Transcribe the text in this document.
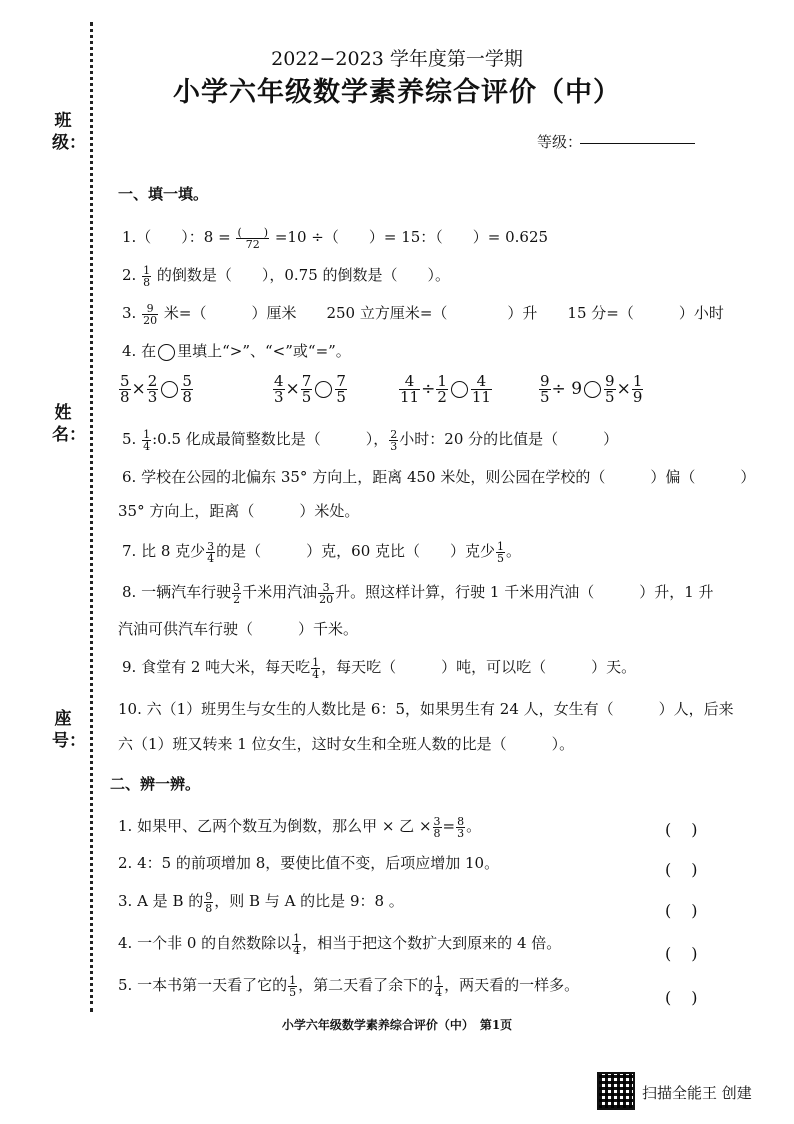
班级：
姓名：
座号：
2022−2023 学年度第一学期
小学六年级数学素养综合评价（中）
等级：
一、填一填。
1.（　　）：$8 = \frac{( )}{72} =10$ ÷（　　）= 15：（　　）= 0.625
2. $\frac{1}{8}$ 的倒数是（　　），0.75 的倒数是（　　）。
3. $\frac{9}{20}$ 米=（　　　）厘米　　250 立方厘米=（　　　　）升　　15 分=（　　　）小时
4. 在 里填上“>”、“<”或“=”。
$\frac{5}{8} \times \frac{2}{3} \frac{5}{8}$	$\frac{4}{3} \times \frac{7}{5} \frac{7}{5}$	$\frac{4}{11} \div \frac{1}{2} \frac{4}{11}$	$\frac{9}{5} \div 9 \frac{9}{5} \times \frac{1}{9}$
5. $\frac{1}{4}$ :0.5 化成最简整数比是（　　　）， $\frac{2}{3}$ 小时：20 分的比值是（　　　）
6. 学校在公园的北偏东 35° 方向上，距离 450 米处，则公园在学校的（　　　）偏（　　　）
35° 方向上，距离（　　　）米处。
7. 比 8 克少 $\frac{3}{4}$ 的是（　　　）克，60 克比（　　）克少 $\frac{1}{5}$ 。
8. 一辆汽车行驶 $\frac{3}{2}$ 千米用汽油 $\frac{3}{20}$ 升。照这样计算，行驶 1 千米用汽油（　　　）升，1 升
汽油可供汽车行驶（　　　）千米。
9. 食堂有 2 吨大米，每天吃 $\frac{1}{4}$ ，每天吃（　　　）吨，可以吃（　　　）天。
10. 六（1）班男生与女生的人数比是 6：5，如果男生有 24 人，女生有（　　　）人，后来
六（1）班又转来 1 位女生，这时女生和全班人数的比是（　　　）。
二、辨一辨。
1. 如果甲、乙两个数互为倒数，那么甲 × 乙 × $\frac{3}{8} = \frac{8}{3}$ 。
2. 4：5 的前项增加 8，要使比值不变，后项应增加 10。
3. A 是 B 的 $\frac{9}{8}$ ，则 B 与 A 的比是 9：8 。
4. 一个非 0 的自然数除以 $\frac{1}{4}$ ，相当于把这个数扩大到原来的 4 倍。
5. 一本书第一天看了它的 $\frac{1}{5}$ ，第二天看了余下的 $\frac{1}{4}$ ，两天看的一样多。
()
()
()
()
()
小学六年级数学素养综合评价（中）　第1页
扫描全能王 创建
